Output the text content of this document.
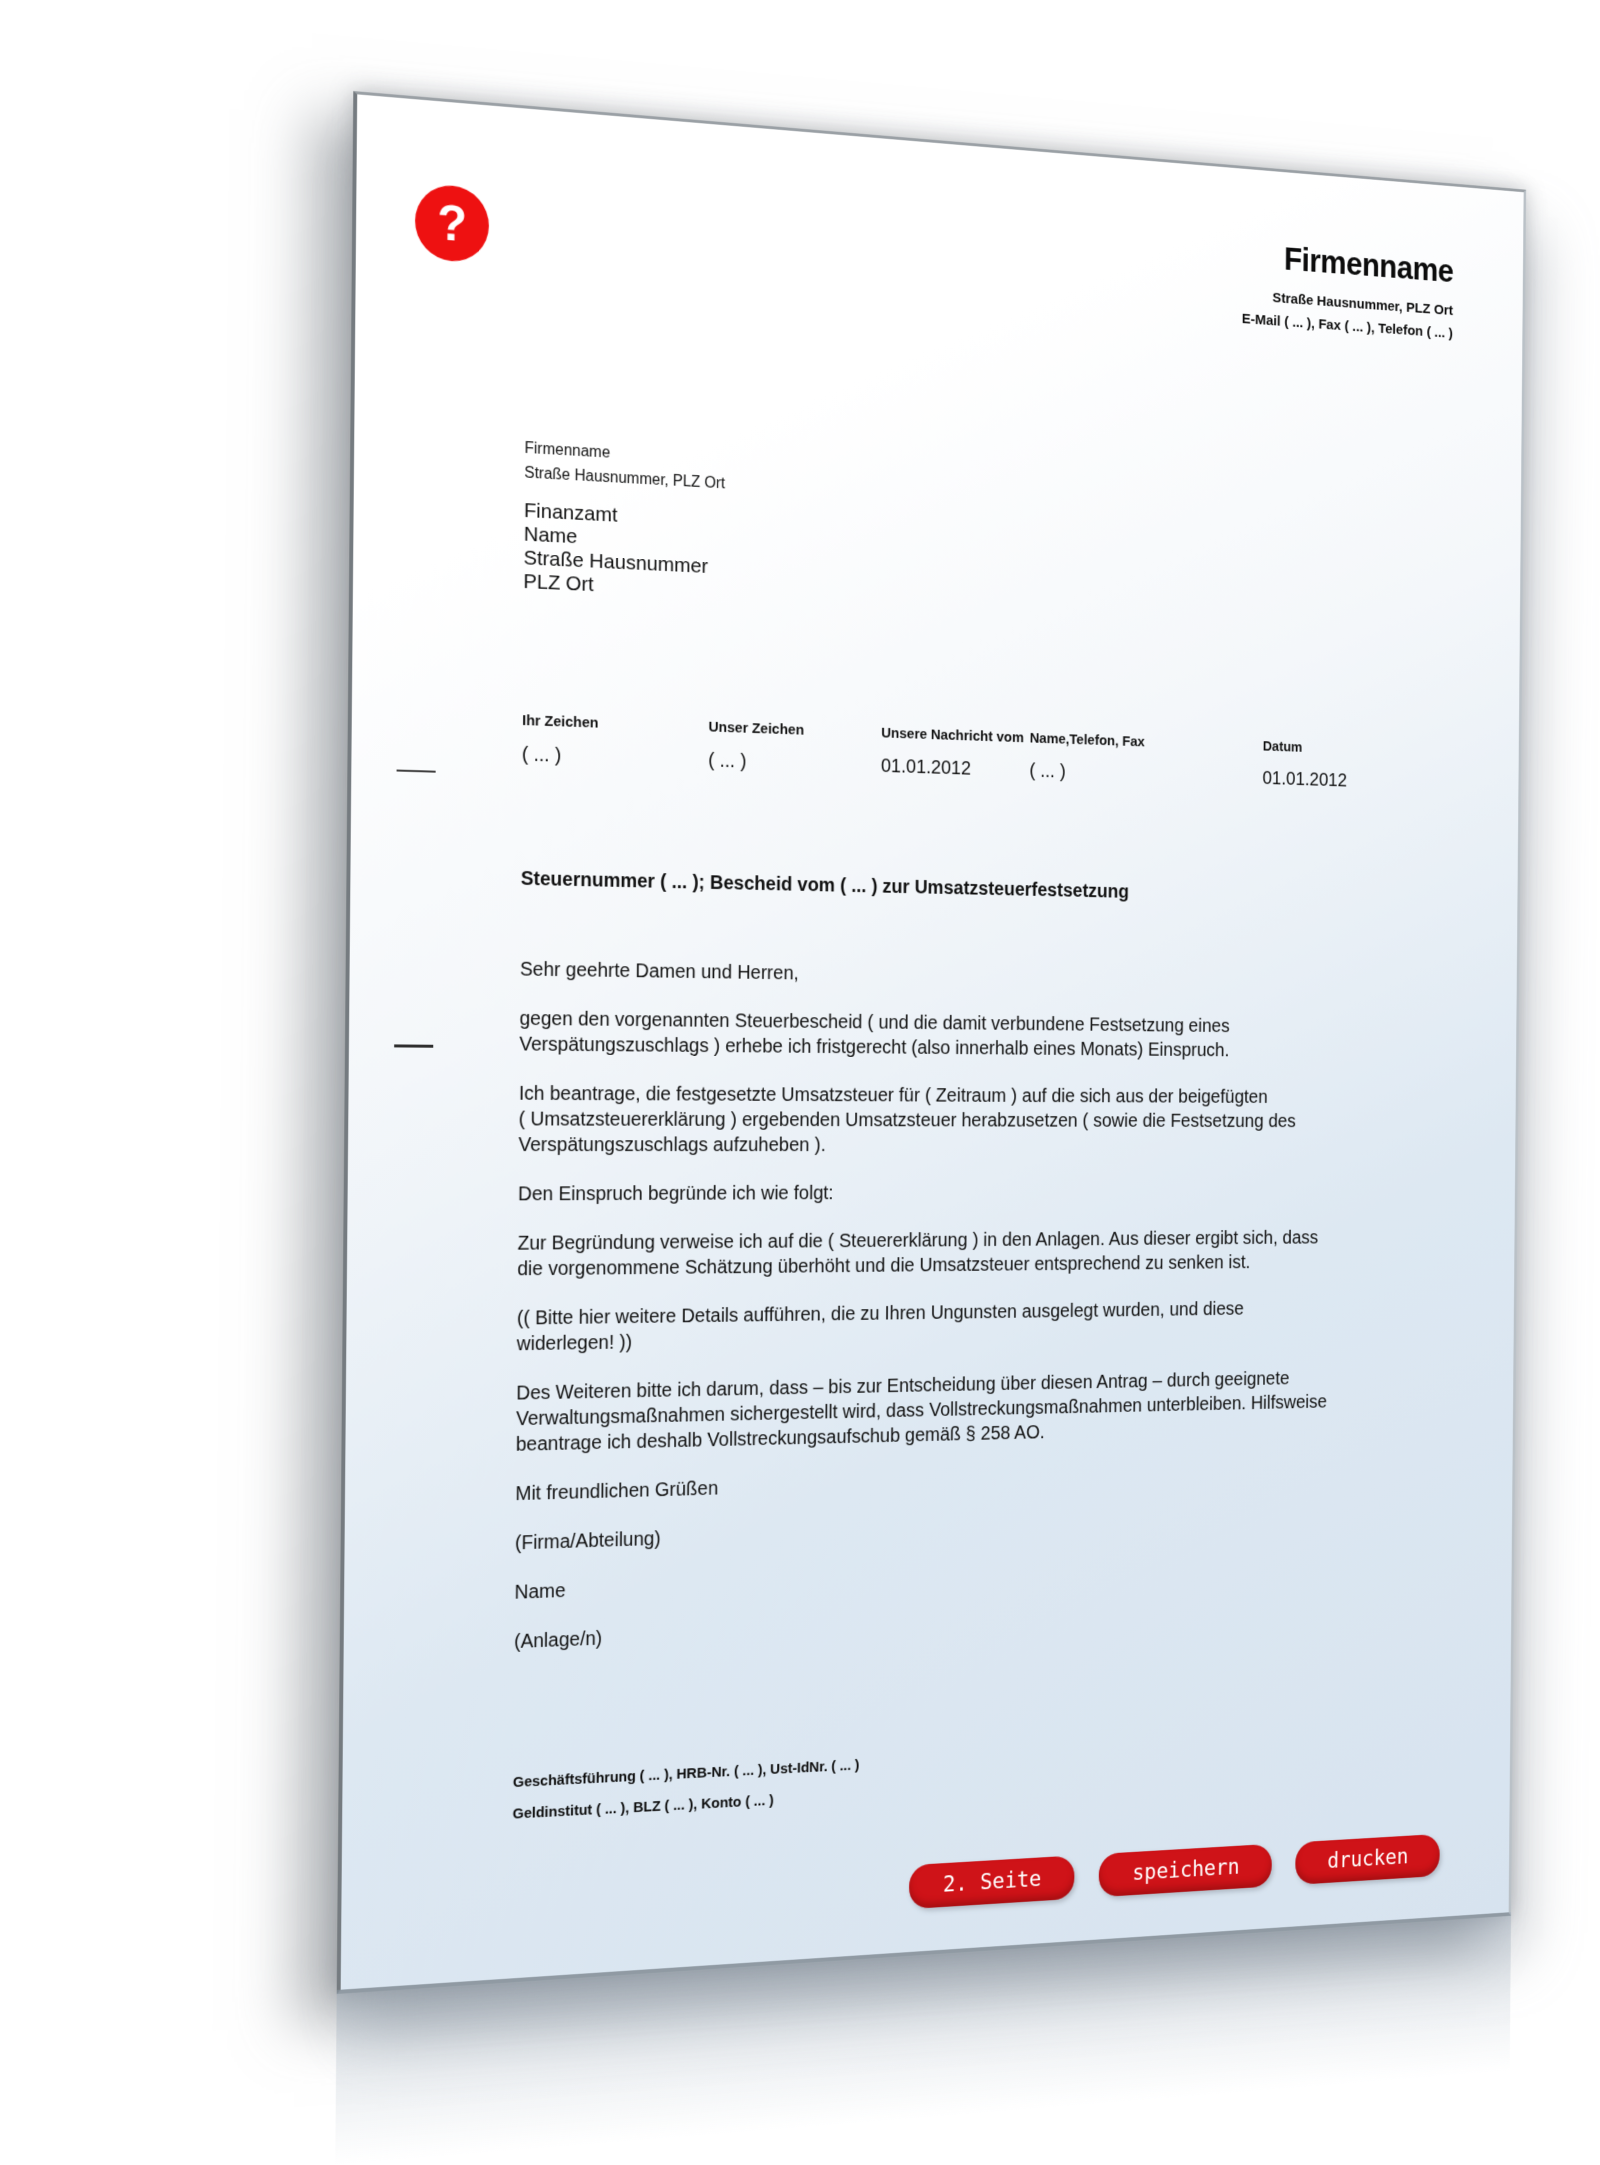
?
Firmenname
Straße Hausnummer, PLZ Ort
E-Mail ( ... ), Fax ( ... ), Telefon ( ... )
Firmenname
Straße Hausnummer, PLZ Ort
Finanzamt
Name
Straße Hausnummer
PLZ Ort
Ihr Zeichen
( ... )
Unser Zeichen
( ... )
Unsere Nachricht vom
01.01.2012
Name,Telefon, Fax
( ... )
Datum
01.01.2012
Steuernummer ( ... ); Bescheid vom ( ... ) zur Umsatzsteuerfestsetzung

Sehr geehrte Damen und Herren,

gegen den vorgenannten Steuerbescheid ( und die damit verbundene Festsetzung eines
Verspätungszuschlags ) erhebe ich fristgerecht (also innerhalb eines Monats) Einspruch.

Ich beantrage, die festgesetzte Umsatzsteuer für ( Zeitraum ) auf die sich aus der beigefügten
( Umsatzsteuererklärung ) ergebenden Umsatzsteuer herabzusetzen ( sowie die Festsetzung des
Verspätungszuschlags aufzuheben ).

Den Einspruch begründe ich wie folgt:

Zur Begründung verweise ich auf die ( Steuererklärung ) in den Anlagen. Aus dieser ergibt sich, dass
die vorgenommene Schätzung überhöht und die Umsatzsteuer entsprechend zu senken ist.

(( Bitte hier weitere Details aufführen, die zu Ihren Ungunsten ausgelegt wurden, und diese
widerlegen! ))

Des Weiteren bitte ich darum, dass – bis zur Entscheidung über diesen Antrag – durch geeignete
Verwaltungsmaßnahmen sichergestellt wird, dass Vollstreckungsmaßnahmen unterbleiben. Hilfsweise
beantrage ich deshalb Vollstreckungsaufschub gemäß § 258 AO.

Mit freundlichen Grüßen

(Firma/Abteilung)

Name

(Anlage/n)

Geschäftsführung ( ... ), HRB-Nr. ( ... ), Ust-IdNr. ( ... )
Geldinstitut ( ... ), BLZ ( ... ), Konto ( ... )
2. Seite	speichern	drucken
